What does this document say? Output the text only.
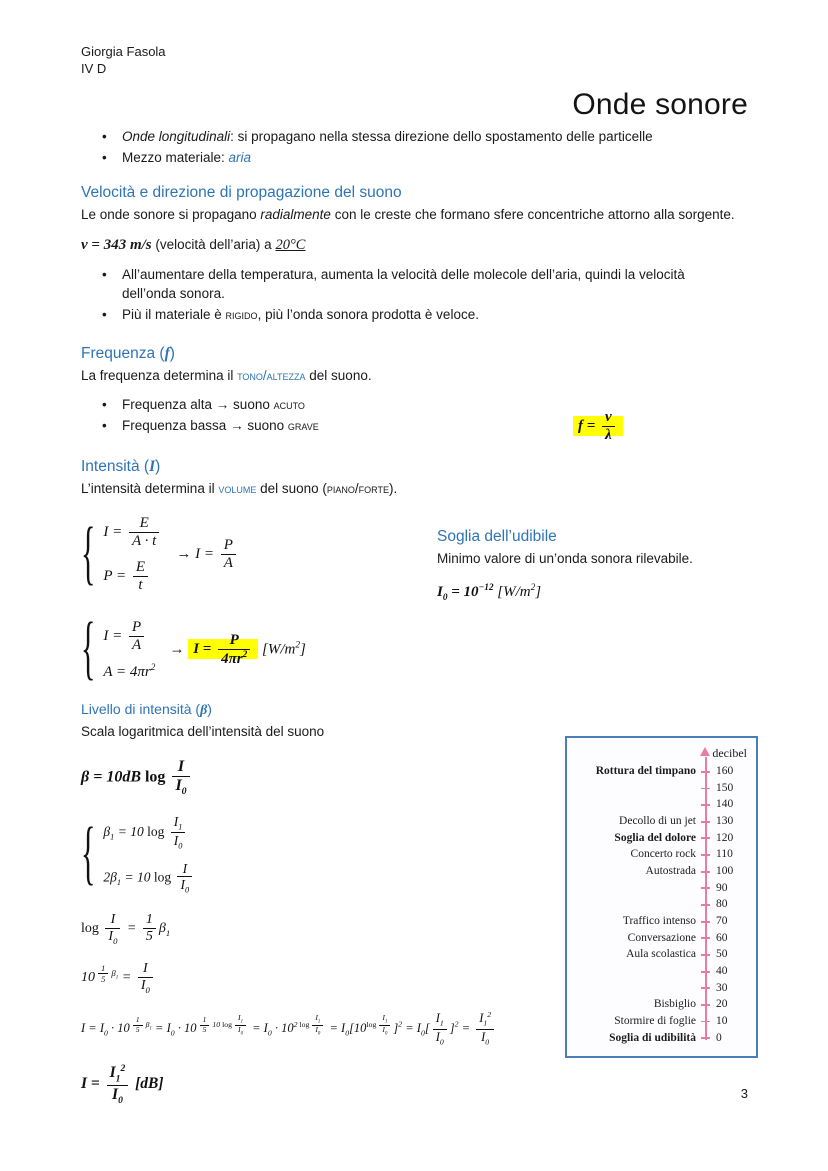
Giorgia Fasola
IV D
Onde sonore
• Onde longitudinali: si propagano nella stessa direzione dello spostamento delle particelle
• Mezzo materiale: aria
Velocità e direzione di propagazione del suono

Le onde sonore si propagano radialmente con le creste che formano sfere concentriche attorno alla sorgente.

v = 343 m/s (velocità dell’aria) a 20°C
• All’aumentare della temperatura, aumenta la velocità delle molecole dell’aria, quindi la velocità dell’onda sonora.
• Più il materiale è rigido, più l’onda sonora prodotta è veloce.
Frequenza (f)

La frequenza determina il tono/altezza del suono.

• Frequenza alta → suono acuto
• Frequenza bassa → suono grave
Intensità (I)

L’intensità determina il volume del suono (piano/forte).

{ $I = \frac{E}{A \cdot t}$
$P = \frac{E}{t}$
→ $I = \frac{P}{A}$
{ $I = \frac{P}{A}$
$A = 4\pi r^2$
→ $I = \frac{P}{4\pi r^2} [W/m^2]$
Livello di intensità (β)

Scala logaritmica dell’intensità del suono

β = 10dB $\log \frac{I}{I_0}$
{ $\beta_1 = 10$ $\log \frac{I_1}{I_0}$
$2\beta_1 = 10$ $\log \frac{I}{I_0}$
$\log \frac{I}{I_0} = \frac{1}{5} \beta_1$
10 $^{\frac{1}{5} \beta_1} = \frac{I}{I_0}$
$I = I_0 \cdot 10$ $^{\frac{1}{5} \beta_1} = I_0 \cdot 10$ $^{\frac{1}{5} 10 log \frac{I_1}{I_0}} = I_0 \cdot 10^{2 log \frac{I_1}{I_0}} = I_0[10^{log \frac{I_1}{I_0}}$ ]$^2 = I_0[ \frac{I_1}{I_0} ]^2 = \frac{I_1^2}{I_0}$
$I = \frac{I_1^2}{I_0} [dB]$
$f = \frac{v}{\lambda}$
Soglia dell’udibile

Minimo valore di un’onda sonora rilevabile.

$I_0 = 10^{-12}$ $[W/m^2]$
decibel
Rottura del timpano	160
150
140
Decollo di un jet	130
Soglia del dolore	120
Concerto rock	110
Autostrada	100
90
80
Traffico intenso	70
Conversazione	60
Aula scolastica	50
40
30
Bisbiglio	20
Stormire di foglie	10
Soglia di udibilità	0
3
